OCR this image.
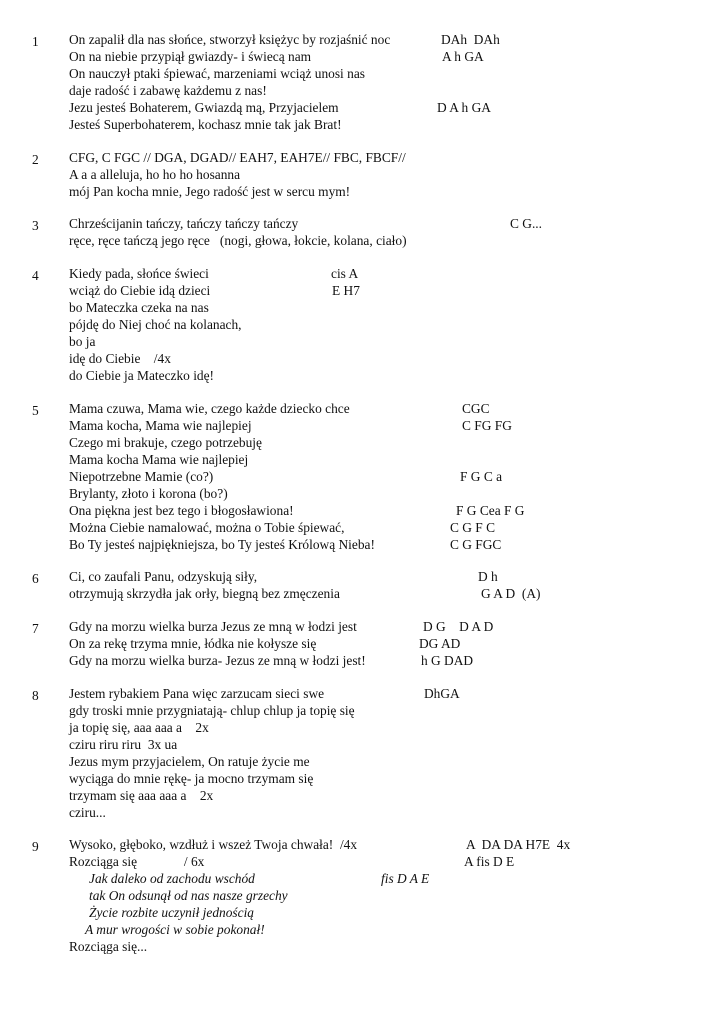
1 On zapalił dla nas słońce, stworzył księżyc by rozjaśnić noc	DAh  DAh
On na niebie przypiął gwiazdy- i świecą nam	A h GA
On nauczył ptaki śpiewać, marzeniami wciąż unosi nas
daje radość i zabawę każdemu z nas!
Jezu jesteś Bohaterem, Gwiazdą mą, Przyjacielem	D A h GA
Jesteś Superbohaterem, kochasz mnie tak jak Brat!
2 CFG, C FGC // DGA, DGAD// EAH7, EAH7E// FBC, FBCF//
A a a alleluja, ho ho ho hosanna
mój Pan kocha mnie, Jego radość jest w sercu mym!
3 Chrześcijanin tańczy, tańczy tańczy tańczy	C G...
ręce, ręce tańczą jego ręce   (nogi, głowa, łokcie, kolana, ciało)
4 Kiedy pada, słońce świeci	cis A
wciąż do Ciebie idą dzieci	E H7
bo Mateczka czeka na nas
pójdę do Niej choć na kolanach,
bo ja
idę do Ciebie    /4x
do Ciebie ja Mateczko idę!
5 Mama czuwa, Mama wie, czego każde dziecko chce	CGC
Mama kocha, Mama wie najlepiej	C FG FG
Czego mi brakuje, czego potrzebuję
Mama kocha Mama wie najlepiej
Niepotrzebne Mamie (co?)	F G C a
Brylanty, złoto i korona (bo?)
Ona piękna jest bez tego i błogosławiona!	F G Cea F G
Można Ciebie namalować, można o Tobie śpiewać,	C G F C
Bo Ty jesteś najpiękniejsza, bo Ty jesteś Królową Nieba!	C G FGC
6 Ci, co zaufali Panu, odzyskują siły,	D h
otrzymują skrzydła jak orły, biegną bez zmęczenia	G A D  (A)
7 Gdy na morzu wielka burza Jezus ze mną w łodzi jest	D G    D A D
On za rekę trzyma mnie, łódka nie kołysze się	DG AD
Gdy na morzu wielka burza- Jezus ze mną w łodzi jest!	h G DAD
8 Jestem rybakiem Pana więc zarzucam sieci swe	DhGA
gdy troski mnie przygniatają- chlup chlup ja topię się
ja topię się, aaa aaa a    2x
cziru riru riru  3x ua
Jezus mym przyjacielem, On ratuje życie me
wyciąga do mnie rękę- ja mocno trzymam się
trzymam się aaa aaa a    2x
cziru...
9 Wysoko, głęboko, wzdłuż i wszeż Twoja chwała!  /4x	A  DA DA H7E  4x
Rozciąga się              / 6x	A fis D E
Jak daleko od zachodu wschód	fis D A E
tak On odsunął od nas nasze grzechy
Życie rozbite uczynił jednością
A mur wrogości w sobie pokonał!
Rozciąga się...
